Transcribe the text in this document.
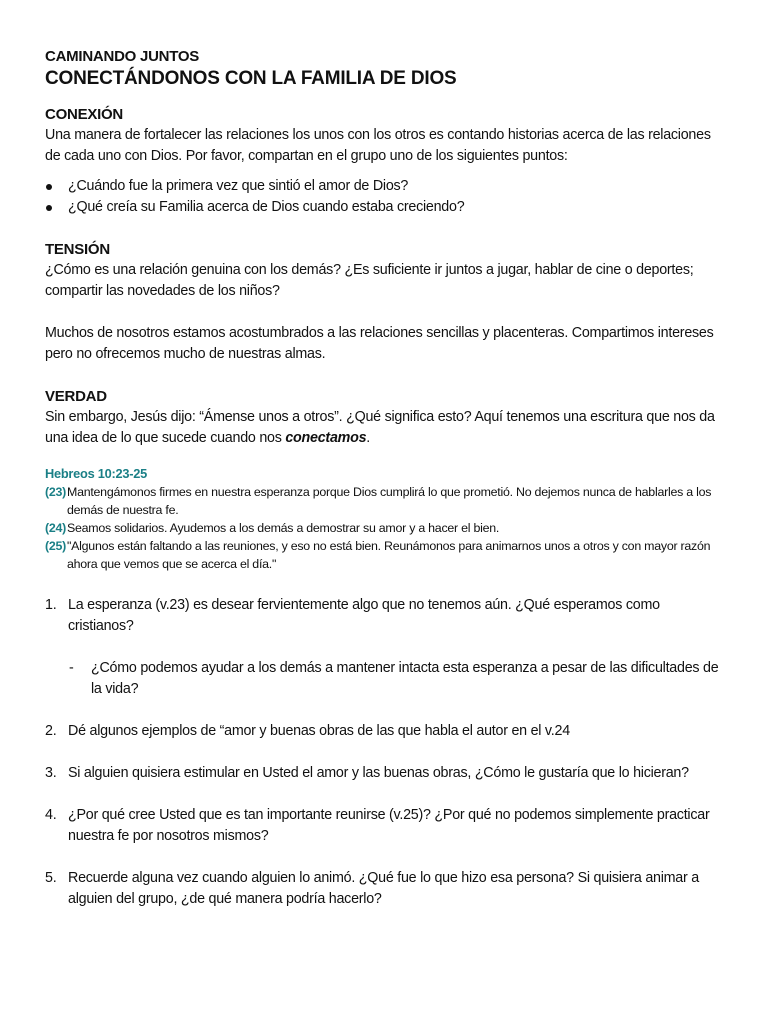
CAMINANDO JUNTOS

CONECTÁNDONOS CON LA FAMILIA DE DIOS

CONEXIÓN

Una manera de fortalecer las relaciones los unos con los otros es contando historias acerca de las relaciones de cada uno con Dios. Por favor, compartan en el grupo uno de los siguientes puntos:

¿Cuándo fue la primera vez que sintió el amor de Dios?
¿Qué creía su Familia acerca de Dios cuando estaba creciendo?

TENSIÓN

¿Cómo es una relación genuina con los demás? ¿Es suficiente ir juntos a jugar, hablar de cine o deportes; compartir las novedades de los niños?

Muchos de nosotros estamos acostumbrados a las relaciones sencillas y placenteras. Compartimos intereses pero no ofrecemos mucho de nuestras almas.

VERDAD

Sin embargo, Jesús dijo: “Ámense unos a otros”. ¿Qué significa esto? Aquí tenemos una escritura que nos da una idea de lo que sucede cuando nos conectamos.

Hebreos 10:23-25
(23) Mantengámonos firmes en nuestra esperanza porque Dios cumplirá lo que prometió. No dejemos nunca de hablarles a los demás de nuestra fe.
(24) Seamos solidarios. Ayudemos a los demás a demostrar su amor y a hacer el bien.
(25) "Algunos están faltando a las reuniones, y eso no está bien. Reunámonos para animarnos unos a otros y con mayor razón ahora que vemos que se acerca el día."
1. La esperanza (v.23) es desear fervientemente algo que no tenemos aún. ¿Qué esperamos como cristianos?
- ¿Cómo podemos ayudar a los demás a mantener intacta esta esperanza a pesar de las dificultades de la vida?
2. Dé algunos ejemplos de “amor y buenas obras de las que habla el autor en el v.24
3. Si alguien quisiera estimular en Usted el amor y las buenas obras, ¿Cómo le gustaría que lo hicieran?
4. ¿Por qué cree Usted que es tan importante reunirse (v.25)? ¿Por qué no podemos simplemente practicar nuestra fe por nosotros mismos?
5. Recuerde alguna vez cuando alguien lo animó. ¿Qué fue lo que hizo esa persona? Si quisiera animar a alguien del grupo, ¿de qué manera podría hacerlo?
